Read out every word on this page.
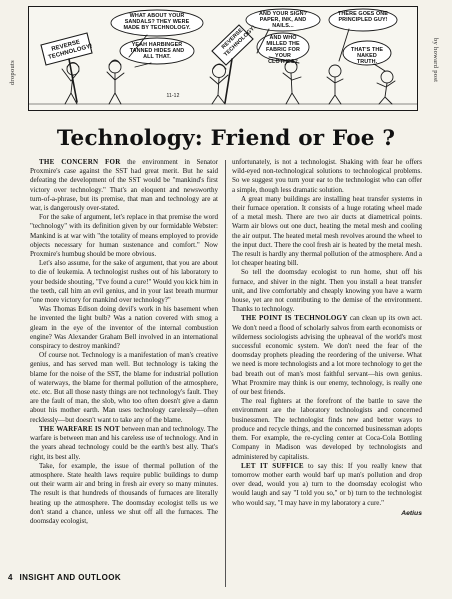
REVERSE TECHNOLOGY!
REVERSE TECHNOLOGY!
WHAT ABOUT YOUR SANDALS? THEY WERE MADE BY TECHNOLOGY.
YEAH HARBINGER TANNED HIDES AND ALL THAT.
AND YOUR SIGN? PAPER, INK, AND NAILS...
AND WHO MILLED THE FABRIC FOR YOUR CLOTHES?
THERE GOES ONE PRINCIPLED GUY!
THAT'S THE NAKED TRUTH.
11-12
dropouts	by howard post
Technology: Friend or Foe ?

THE CONCERN FOR the environment in Senator Proxmire's case against the SST had great merit. But he said defeating the development of the SST would be "mankind's first victory over technology." That's an eloquent and newsworthy turn-of-a-phrase, but its premise, that man and technology are at war, is dangerously over-stated.

For the sake of argument, let's replace in that premise the word "technology" with its definition given by our formidable Webster: Mankind is at war with "the totality of means employed to provide objects necessary for human sustenance and comfort." Now Proxmire's humbug should be more obvious.

Let's also assume, for the sake of argument, that you are about to die of leukemia. A technologist rushes out of his laboratory to your bedside shouting, "I've found a cure!" Would you kick him in the teeth, call him an evil genius, and in your last breath murmur "one more victory for mankind over technology?"

Was Thomas Edison doing devil's work in his basement when he invented the light bulb? Was a nation covered with smog a gleam in the eye of the inventor of the internal combustion engine? Was Alexander Graham Bell involved in an international conspiracy to destroy mankind?

Of course not. Technology is a manifestation of man's creative genius, and has served man well. But technology is taking the blame for the noise of the SST, the blame for industrial pollution of waterways, the blame for thermal pollution of the atmosphere, etc. etc. But all those nasty things are not technology's fault. They are the fault of man, the slob, who too often doesn't give a damn about his mother earth. Man uses technology carelessly—often recklessly—but doesn't want to take any of the blame.

THE WARFARE IS NOT between man and technology. The warfare is between man and his careless use of technology. And in the years ahead technology could be the earth's best ally. That's right, its best ally.

Take, for example, the issue of thermal pollution of the atmosphere. State health laws require public buildings to dump out their warm air and bring in fresh air every so many minutes. The result is that hundreds of thousands of furnaces are literally heating up the atmosphere. The doomsday ecologist tells us we don't stand a chance, unless we shut off all the furnaces. The doomsday ecologist,

unfortunately, is not a technologist. Shaking with fear he offers wild-eyed non-technological solutions to technological problems. So we suggest you turn your ear to the technologist who can offer a simple, though less dramatic solution.

A great many buildings are installing heat transfer systems in their furnace operation. It consists of a huge rotating wheel made of a metal mesh. There are two air ducts at diametrical points. Warm air blows out one duct, heating the metal mesh and cooling the air output. The heated metal mesh revolves around the wheel to the input duct. There the cool fresh air is heated by the metal mesh. The result is hardly any thermal pollution of the atmosphere. And a lot cheaper heating bill.

So tell the doomsday ecologist to run home, shut off his furnace, and shiver in the night. Then you install a heat transfer unit, and live comfortably and cheaply knowing you have a warm house, yet are not contributing to the demise of the environment. Thanks to technology.

THE POINT IS TECHNOLOGY can clean up its own act. We don't need a flood of scholarly salvos from earth economists or wilderness sociologists advising the upheaval of the world's most successful economic system. We don't need the fear of the doomsday prophets pleading the reordering of the universe. What we need is more technologists and a lot more technology to get the bad breath out of man's most faithful servant—his own genius. What Proxmire may think is our enemy, technology, is really one of our best friends.

The real fighters at the forefront of the battle to save the environment are the laboratory technologists and concerned businessmen. The technologist finds new and better ways to produce and recycle things, and the concerned businessman adopts them. For example, the re-cycling center at Coca-Cola Bottling Company in Madison was developed by technologists and administered by capitalists.

LET IT SUFFICE to say this: If you really knew that tomorrow mother earth would barf up man's pollution and drop over dead, would you a) turn to the doomsday ecologist who would laugh and say "I told you so," or b) turn to the technologist who would say, "I may have in my laboratory a cure."

Aetius

4 INSIGHT AND OUTLOOK
